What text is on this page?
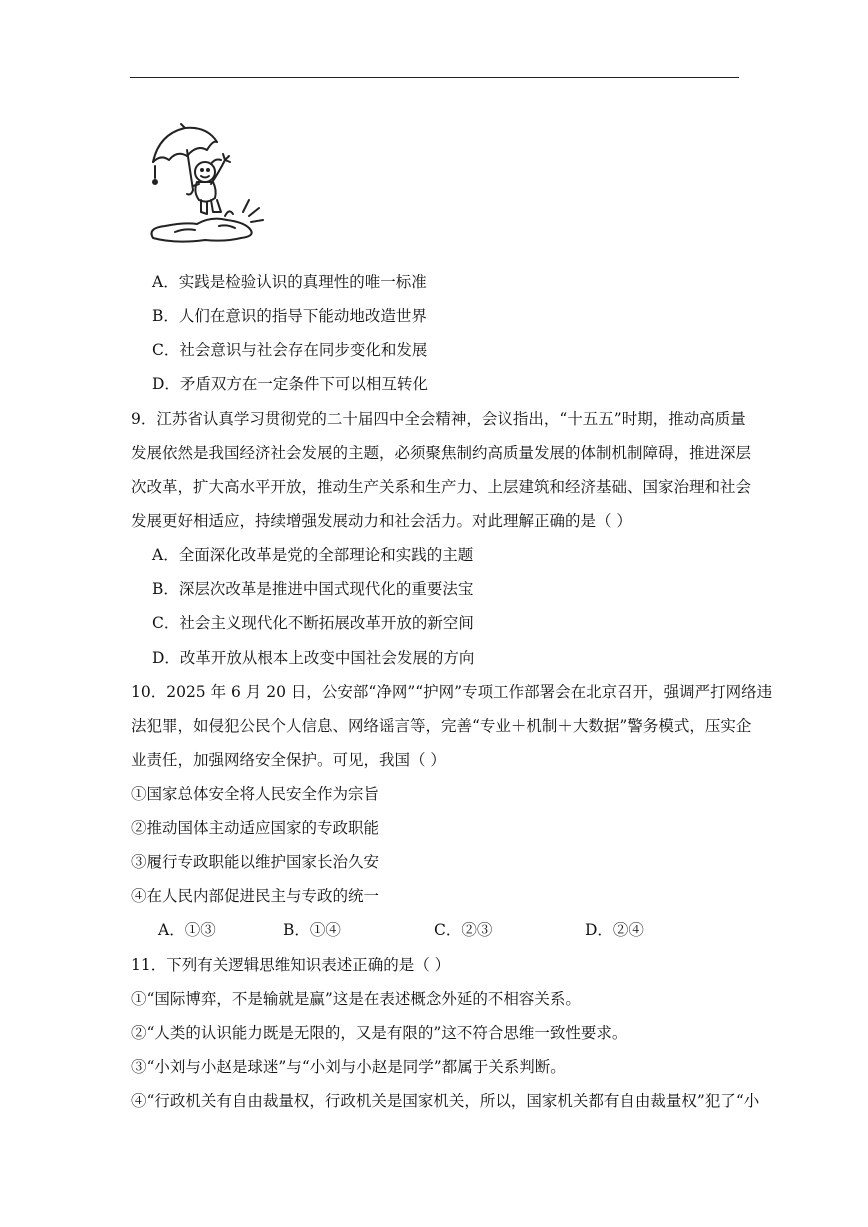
A．实践是检验认识的真理性的唯一标准
B．人们在意识的指导下能动地改造世界
C．社会意识与社会存在同步变化和发展
D．矛盾双方在一定条件下可以相互转化
9．江苏省认真学习贯彻党的二十届四中全会精神，会议指出，“十五五”时期，推动高质量
发展依然是我国经济社会发展的主题，必须聚焦制约高质量发展的体制机制障碍，推进深层
次改革，扩大高水平开放，推动生产关系和生产力、上层建筑和经济基础、国家治理和社会
发展更好相适应，持续增强发展动力和社会活力。对此理解正确的是（ ）
A．全面深化改革是党的全部理论和实践的主题
B．深层次改革是推进中国式现代化的重要法宝
C．社会主义现代化不断拓展改革开放的新空间
D．改革开放从根本上改变中国社会发展的方向
10．2025 年 6 月 20 日，公安部“净网”“护网”专项工作部署会在北京召开，强调严打网络违
法犯罪，如侵犯公民个人信息、网络谣言等，完善“专业＋机制＋大数据”警务模式，压实企
业责任，加强网络安全保护。可见，我国（ ）
①国家总体安全将人民安全作为宗旨
②推动国体主动适应国家的专政职能
③履行专政职能以维护国家长治久安
④在人民内部促进民主与专政的统一
A．①③	B．①④	C．②③	D．②④
11．下列有关逻辑思维知识表述正确的是（ ）
①“国际博弈，不是输就是赢”这是在表述概念外延的不相容关系。
②“人类的认识能力既是无限的，又是有限的”这不符合思维一致性要求。
③“小刘与小赵是球迷”与“小刘与小赵是同学”都属于关系判断。
④“行政机关有自由裁量权，行政机关是国家机关，所以，国家机关都有自由裁量权”犯了“小
